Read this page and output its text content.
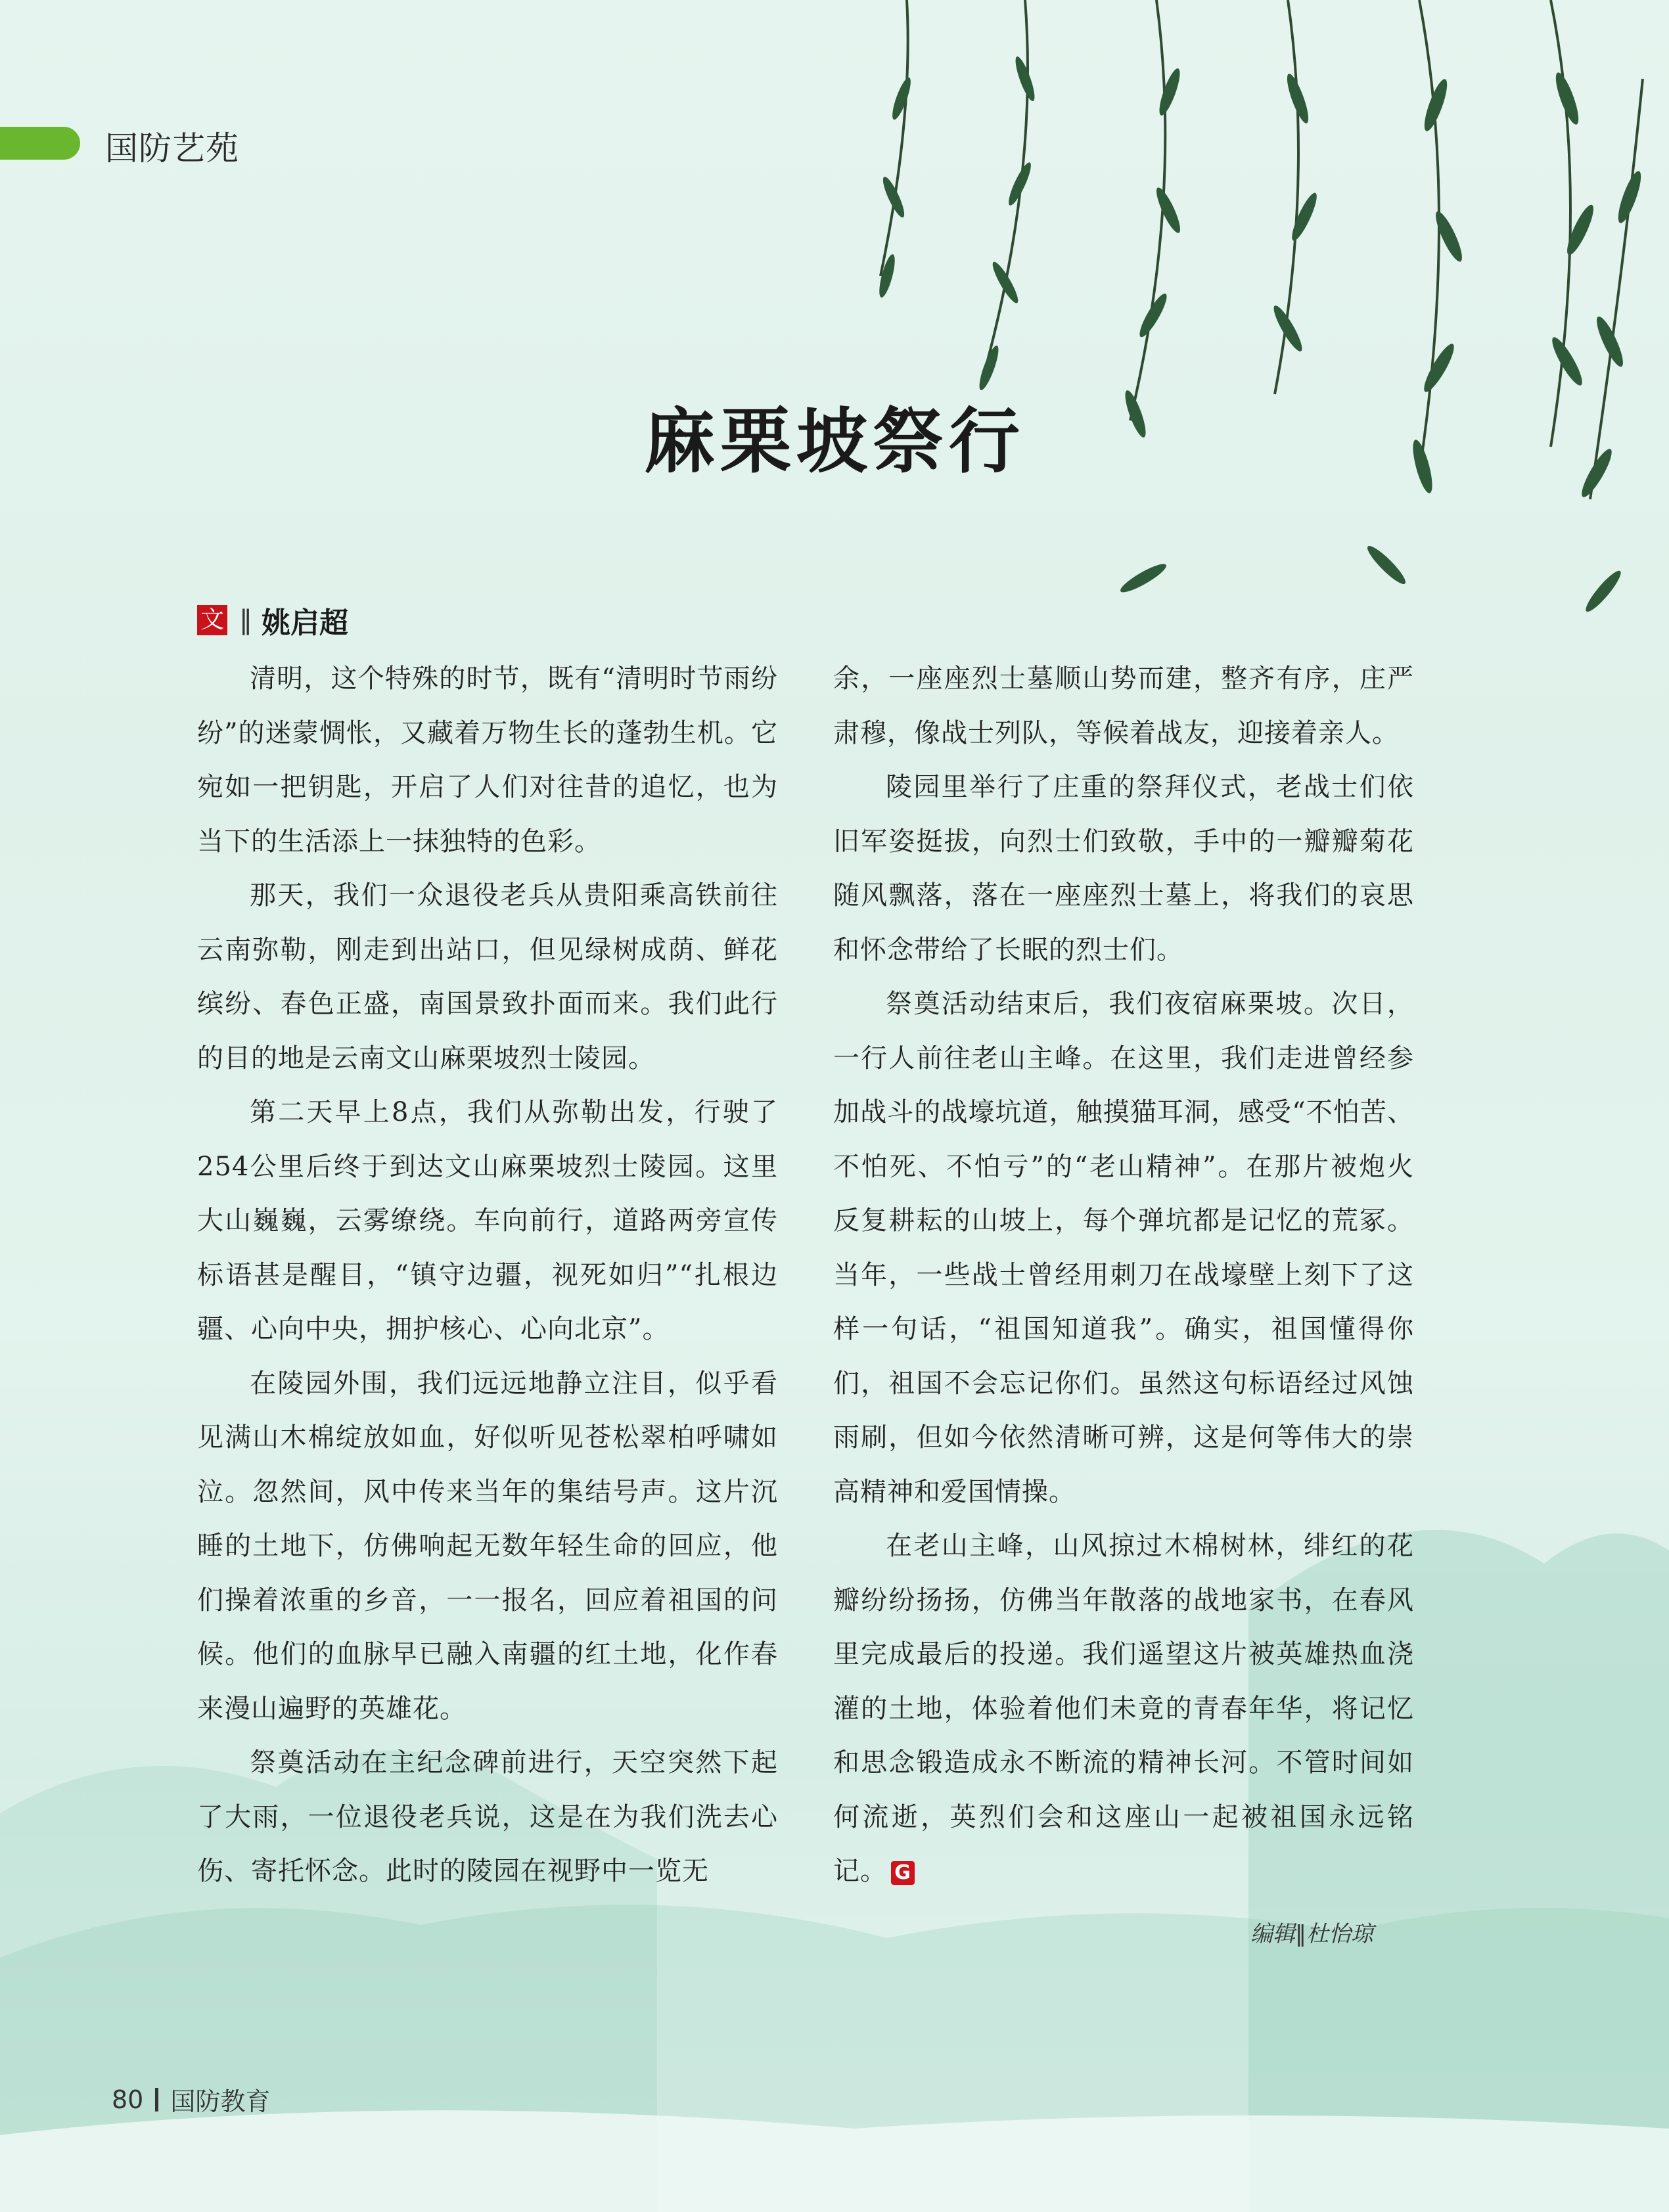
国防艺苑
麻栗坡祭行
文 ‖ 姚启超

清明，这个特殊的时节，既有“清明时节雨纷纷”的迷蒙惆怅，又藏着万物生长的蓬勃生机。它宛如一把钥匙，开启了人们对往昔的追忆，也为当下的生活添上一抹独特的色彩。

那天，我们一众退役老兵从贵阳乘高铁前往云南弥勒，刚走到出站口，但见绿树成荫、鲜花缤纷、春色正盛，南国景致扑面而来。我们此行的目的地是云南文山麻栗坡烈士陵园。

第二天早上8点，我们从弥勒出发，行驶了254公里后终于到达文山麻栗坡烈士陵园。这里大山巍巍，云雾缭绕。车向前行，道路两旁宣传标语甚是醒目，“镇守边疆，视死如归”“扎根边疆、心向中央，拥护核心、心向北京”。

在陵园外围，我们远远地静立注目，似乎看见满山木棉绽放如血，好似听见苍松翠柏呼啸如泣。忽然间，风中传来当年的集结号声。这片沉睡的土地下，仿佛响起无数年轻生命的回应，他们操着浓重的乡音，一一报名，回应着祖国的问候。他们的血脉早已融入南疆的红土地，化作春来漫山遍野的英雄花。

祭奠活动在主纪念碑前进行，天空突然下起了大雨，一位退役老兵说，这是在为我们洗去心伤、寄托怀念。此时的陵园在视野中一览无

余，一座座烈士墓顺山势而建，整齐有序，庄严肃穆，像战士列队，等候着战友，迎接着亲人。

陵园里举行了庄重的祭拜仪式，老战士们依旧军姿挺拔，向烈士们致敬，手中的一瓣瓣菊花随风飘落，落在一座座烈士墓上，将我们的哀思和怀念带给了长眠的烈士们。

祭奠活动结束后，我们夜宿麻栗坡。次日，一行人前往老山主峰。在这里，我们走进曾经参加战斗的战壕坑道，触摸猫耳洞，感受“不怕苦、不怕死、不怕亏”的“老山精神”。在那片被炮火反复耕耘的山坡上，每个弹坑都是记忆的荒冢。当年，一些战士曾经用刺刀在战壕壁上刻下了这样一句话，“祖国知道我”。确实，祖国懂得你们，祖国不会忘记你们。虽然这句标语经过风蚀雨刷，但如今依然清晰可辨，这是何等伟大的崇高精神和爱国情操。

在老山主峰，山风掠过木棉树林，绯红的花瓣纷纷扬扬，仿佛当年散落的战地家书，在春风里完成最后的投递。我们遥望这片被英雄热血浇灌的土地，体验着他们未竟的青春年华，将记忆和思念锻造成永不断流的精神长河。不管时间如何流逝，英烈们会和这座山一起被祖国永远铭记。 G

编辑‖杜怡琼
80 国防教育
